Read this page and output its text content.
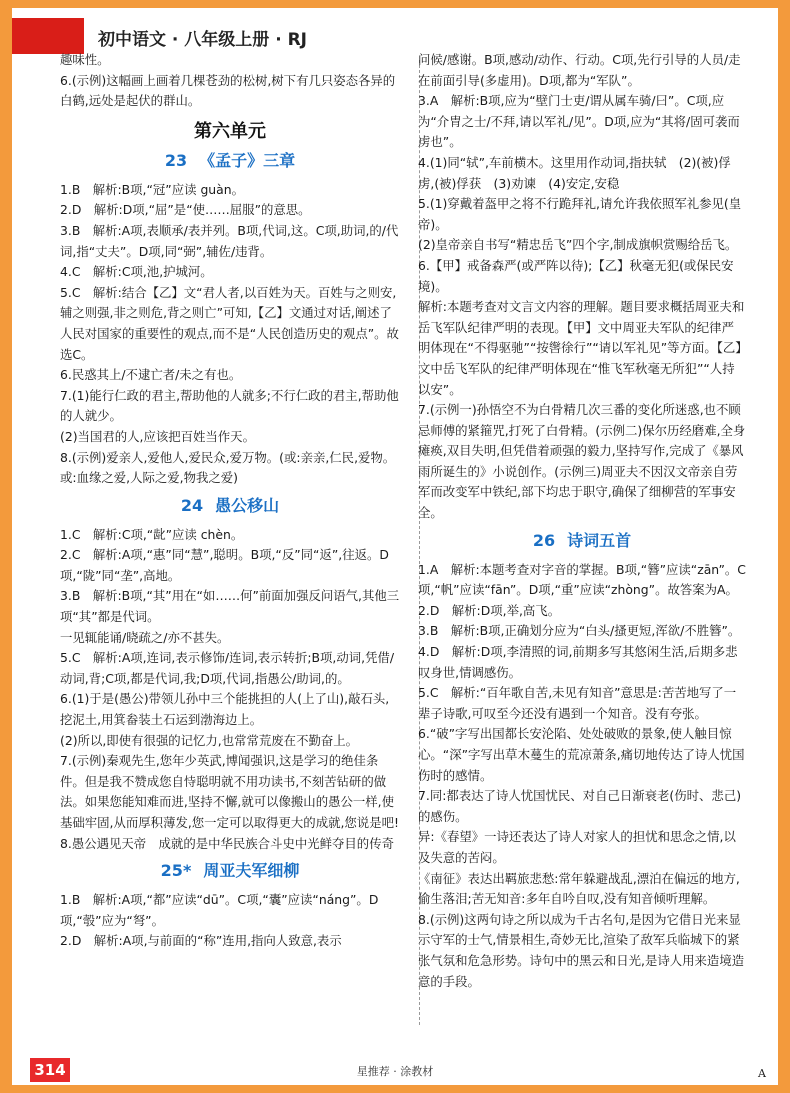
初中语文 · 八年级上册 · RJ

趣味性。

6.(示例)这幅画上画着几棵苍劲的松树,树下有几只姿态各异的白鹤,远处是起伏的群山。

第六单元
23 《孟子》三章

1.B　解析:B项,“冠”应读 guàn。

2.D　解析:D项,“屈”是“使……屈服”的意思。

3.B　解析:A项,表顺承/表并列。B项,代词,这。C项,助词,的/代词,指“丈夫”。D项,同“弼”,辅佐/违背。

4.C　解析:C项,池,护城河。

5.C　解析:结合【乙】文“君人者,以百姓为天。百姓与之则安,辅之则强,非之则危,背之则亡”可知,【乙】文通过对话,阐述了人民对国家的重要性的观点,而不是“人民创造历史的观点”。故选C。

6.民惑其上/不逮亡者/未之有也。

7.(1)能行仁政的君主,帮助他的人就多;不行仁政的君主,帮助他的人就少。

(2)当国君的人,应该把百姓当作天。

8.(示例)爱亲人,爱他人,爱民众,爱万物。(或:亲亲,仁民,爱物。或:血缘之爱,人际之爱,物我之爱)

24 愚公移山

1.C　解析:C项,“龀”应读 chèn。

2.C　解析:A项,“惠”同“慧”,聪明。B项,“反”同“返”,往返。D项,“陇”同“垄”,高地。

3.B　解析:B项,“其”用在“如……何”前面加强反问语气,其他三项“其”都是代词。

一见辄能诵/晓疏之/亦不甚失。

5.C　解析:A项,连词,表示修饰/连词,表示转折;B项,动词,凭借/动词,背;C项,都是代词,我;D项,代词,指愚公/助词,的。

6.(1)于是(愚公)带领儿孙中三个能挑担的人(上了山),敲石头,挖泥土,用箕畚装土石运到渤海边上。

(2)所以,即使有很强的记忆力,也常常荒废在不勤奋上。

7.(示例)秦观先生,您年少英武,博闻强识,这是学习的绝佳条件。但是我不赞成您自恃聪明就不用功读书,不刻苦钻研的做法。如果您能知难而进,坚持不懈,就可以像搬山的愚公一样,使基础牢固,从而厚积薄发,您一定可以取得更大的成就,您说是吧!

8.愚公遇见天帝　成就的是中华民族合斗史中光鲜夺目的传奇

25* 周亚夫军细柳

1.B　解析:A项,“都”应读“dū”。C项,“囊”应读“náng”。D项,“彀”应为“弩”。

2.D　解析:A项,与前面的“称”连用,指向人致意,表示

问候/感谢。B项,感动/动作、行动。C项,先行引导的人员/走在前面引导(多虚用)。D项,都为“军队”。

3.A　解析:B项,应为“壁门士吏/谓从属车骑/曰”。C项,应为“介胄之士/不拜,请以军礼/见”。D项,应为“其将/固可袭而虏也”。

4.(1)同“轼”,车前横木。这里用作动词,指扶轼　(2)(被)俘虏,(被)俘获　(3)劝谏　(4)安定,安稳

5.(1)穿戴着盔甲之将不行跪拜礼,请允许我依照军礼参见(皇帝)。

(2)皇帝亲自书写“精忠岳飞”四个字,制成旗帜赏赐给岳飞。

6.【甲】戒备森严(或严阵以待);【乙】秋毫无犯(或保民安境)。

解析:本题考查对文言文内容的理解。题目要求概括周亚夫和岳飞军队纪律严明的表现。【甲】文中周亚夫军队的纪律严明体现在“不得驱驰”“按辔徐行”“请以军礼见”等方面。【乙】文中岳飞军队的纪律严明体现在“惟飞军秋毫无所犯”“人持以安”。

7.(示例一)孙悟空不为白骨精几次三番的变化所迷惑,也不顾忌师傅的紧箍咒,打死了白骨精。(示例二)保尔历经磨难,全身瘫痪,双目失明,但凭借着顽强的毅力,坚持写作,完成了《暴风雨所诞生的》小说创作。(示例三)周亚夫不因汉文帝亲自劳军而改变军中铁纪,部下均忠于职守,确保了细柳营的军事安全。

26 诗词五首

1.A　解析:本题考查对字音的掌握。B项,“簪”应读“zān”。C项,“帆”应读“fān”。D项,“重”应读“zhòng”。故答案为A。

2.D　解析:D项,举,高飞。

3.B　解析:B项,正确划分应为“白头/搔更短,浑欲/不胜簪”。

4.D　解析:D项,李清照的词,前期多写其悠闲生活,后期多悲叹身世,情调感伤。

5.C　解析:“百年歌自苦,未见有知音”意思是:苦苦地写了一辈子诗歌,可叹至今还没有遇到一个知音。没有夸张。

6.“破”字写出国都长安沦陷、处处破败的景象,使人触目惊心。“深”字写出草木蔓生的荒凉萧条,痛切地传达了诗人忧国伤时的感情。

7.同:都表达了诗人忧国忧民、对自己日渐衰老(伤时、悲己)的感伤。

异:《春望》一诗还表达了诗人对家人的担忧和思念之情,以及失意的苦闷。

《南征》表达出羁旅悲愁:常年躲避战乱,漂泊在偏远的地方,偷生落泪;苦无知音:多年自吟自叹,没有知音倾听理解。

8.(示例)这两句诗之所以成为千古名句,是因为它借日光来显示守军的士气,情景相生,奇妙无比,渲染了敌军兵临城下的紧张气氛和危急形势。诗句中的黑云和日光,是诗人用来造境造意的手段。

314	星推荐 · 涂教材	A
